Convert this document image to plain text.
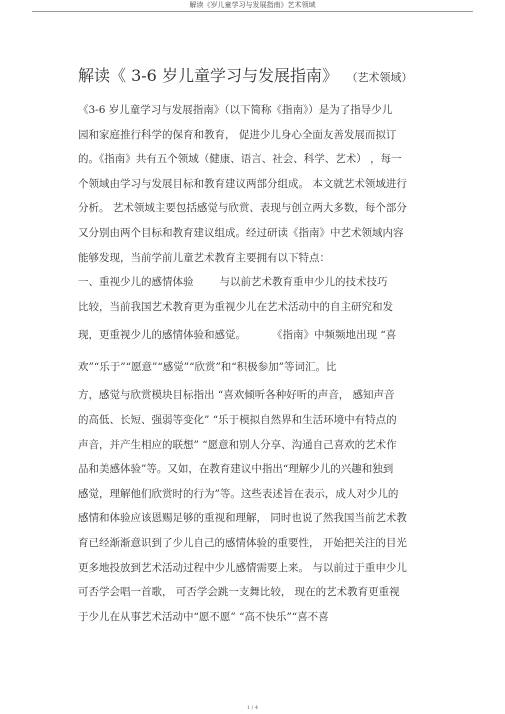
解读《岁儿童学习与发展指南》艺术领域
解读《 3-6 岁儿童学习与发展指南》 （艺术领域）
《3-6 岁儿童学习与发展指南》（以下简称《指南》）是为了指导少儿
园和家庭推行科学的保育和教育， 促进少儿身心全面友善发展而拟订
的。《指南》共有五个领域（健康、语言、社会、科学、艺术） ，每一
个领域由学习与发展目标和教育建议两部分组成。 本文就艺术领域进行
分析。 艺术领域主要包括感觉与欣赏、表现与创立两大多数，每个部分
又分别由两个目标和教育建议组成。经过研读《指南》中艺术领域内容
能够发现，当前学前儿童艺术教育主要拥有以下特点：
一、重视少儿的感情体验 与以前艺术教育重申少儿的技术技巧
比较，当前我国艺术教育更为重视少儿在艺术活动中的自主研究和发
现，更重视少儿的感情体验和感觉。 《指南》中频频地出现 “喜
欢”“乐于”“愿意”“感觉”“欣赏”和“积极参加”等词汇。比
方，感觉与欣赏模块目标指出 “喜欢倾听各种好听的声音， 感知声音
的高低、长短、强弱等变化” “乐于模拟自然界和生活环境中有特点的
声音，并产生相应的联想” “愿意和别人分享、沟通自己喜欢的艺术作
品和美感体验”等。又如，在教育建议中指出“理解少儿的兴趣和独到
感觉，理解他们欣赏时的行为”等。这些表述旨在表示，成人对少儿的
感情和体验应该恩赐足够的重视和理解， 同时也说了然我国当前艺术教
育已经渐渐意识到了少儿自己的感情体验的重要性， 开始把关注的目光
更多地投放到艺术活动过程中少儿感情需要上来。 与以前过于重申少儿
可否学会唱一首歌， 可否学会跳一支舞比较， 现在的艺术教育更重视
于少儿在从事艺术活动中“愿不愿” “高不快乐”“喜不喜
1 / 4
